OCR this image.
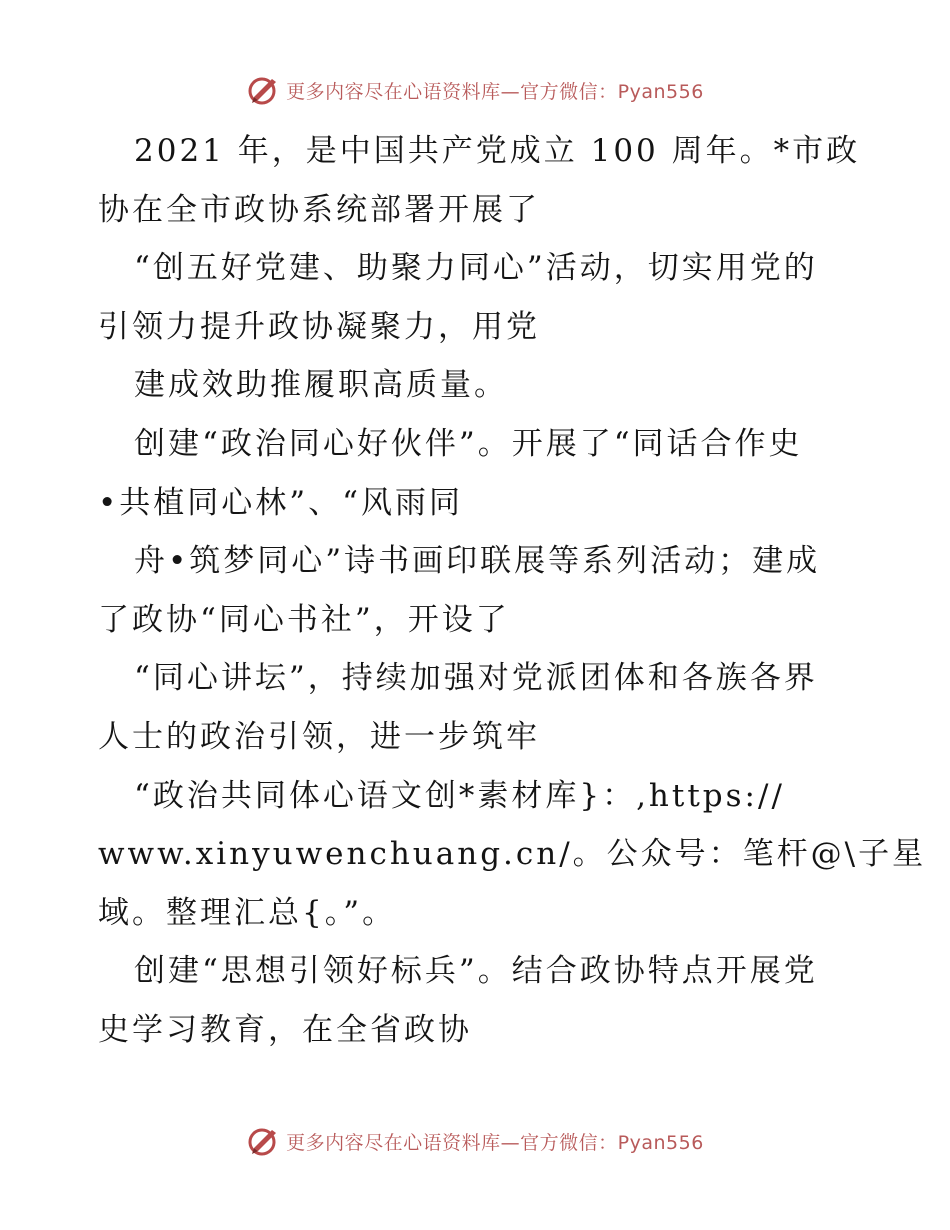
更多内容尽在心语资料库—官方微信：Pyan556

2021 年，是中国共产党成立 100 周年。*市政

协在全市政协系统部署开展了

“创五好党建、助聚力同心”活动，切实用党的

引领力提升政协凝聚力，用党

建成效助推履职高质量。

创建“政治同心好伙伴”。开展了“同话合作史

•共植同心林”、“风雨同

舟•筑梦同心”诗书画印联展等系列活动；建成

了政协“同心书社”，开设了

“同心讲坛”，持续加强对党派团体和各族各界

人士的政治引领，进一步筑牢

“政治共同体心语文创*素材库}：,https://

www.xinyuwenchuang.cn/。公众号：笔杆@\子星

域。整理汇总{。”。

创建“思想引领好标兵”。结合政协特点开展党

史学习教育，在全省政协

更多内容尽在心语资料库—官方微信：Pyan556
